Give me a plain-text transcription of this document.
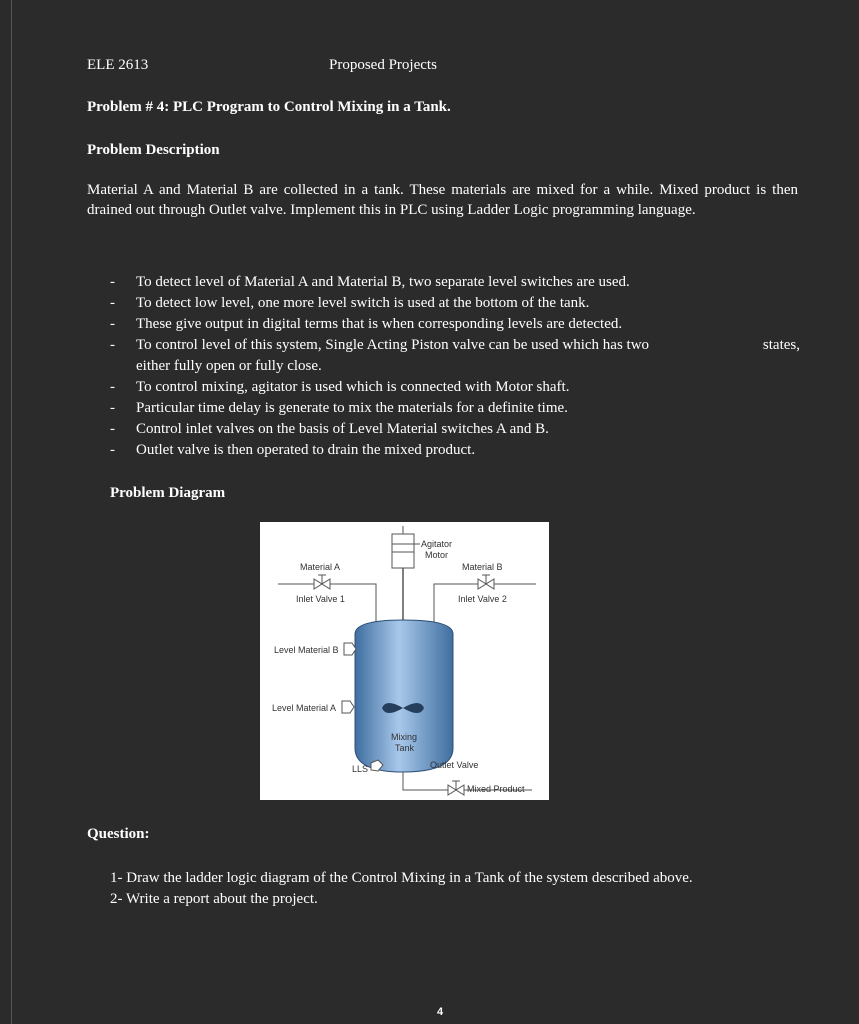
ELE 2613	Proposed Projects
Problem # 4: PLC Program to Control Mixing in a Tank.
Problem Description

Material A and Material B are collected in a tank. These materials are mixed for a while. Mixed product is then drained out through Outlet valve. Implement this in PLC using Ladder Logic programming language.

- To detect level of Material A and Material B, two separate level switches are used.
- To detect low level, one more level switch is used at the bottom of the tank.
- These give output in digital terms that is when corresponding levels are detected.
- To control level of this system, Single Acting Piston valve can be used which has two	states,

either fully open or fully close.
- To control mixing, agitator is used which is connected with Motor shaft.
- Particular time delay is generate to mix the materials for a definite time.
- Control inlet valves on the basis of Level Material switches A and B.
- Outlet valve is then operated to drain the mixed product.
Problem Diagram
Agitator
Motor
Material A
Inlet Valve 1
Material B
Inlet Valve 2
Mixing
Tank
Level Material B
Level Material A
LLS	Outlet Valve
Mixed Product
Question:
1- Draw the ladder logic diagram of the Control Mixing in a Tank of the system described above.
2- Write a report about the project.
4
